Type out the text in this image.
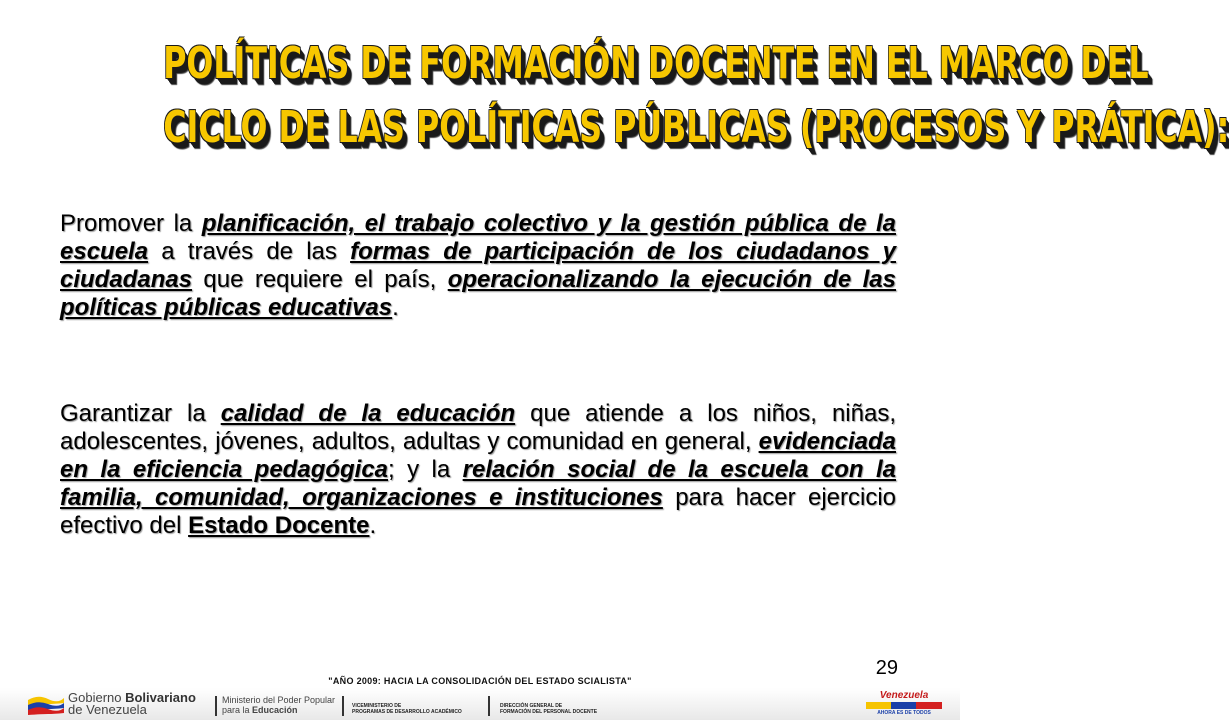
POLÍTICAS DE FORMACIÓN DOCENTE EN EL MARCO DEL
CICLO DE LAS POLÍTICAS PÚBLICAS (PROCESOS Y PRÁTICA):
Promover la planificación, el trabajo colectivo y la gestión pública de la escuela a través de las formas de participación de los ciudadanos y ciudadanas que requiere el país, operacionalizando la ejecución de las políticas públicas educativas.
Garantizar la calidad de la educación que atiende a los niños, niñas, adolescentes, jóvenes, adultos, adultas y comunidad en general, evidenciada en la eficiencia pedagógica; y la relación social de la escuela con la familia, comunidad, organizaciones e instituciones para hacer ejercicio efectivo del Estado Docente.
29
"AÑO 2009: HACIA LA CONSOLIDACIÓN DEL ESTADO SCIALISTA"
Gobierno Bolivariano
de Venezuela
Ministerio del Poder Popular
para la Educación	VICEMINISTERIO DE
PROGRAMAS DE DESARROLLO ACADÉMICO
DIRECCIÓN GENERAL DE
FORMACIÓN DEL PERSONAL DOCENTE
Venezuela
AHORA ES DE TODOS
